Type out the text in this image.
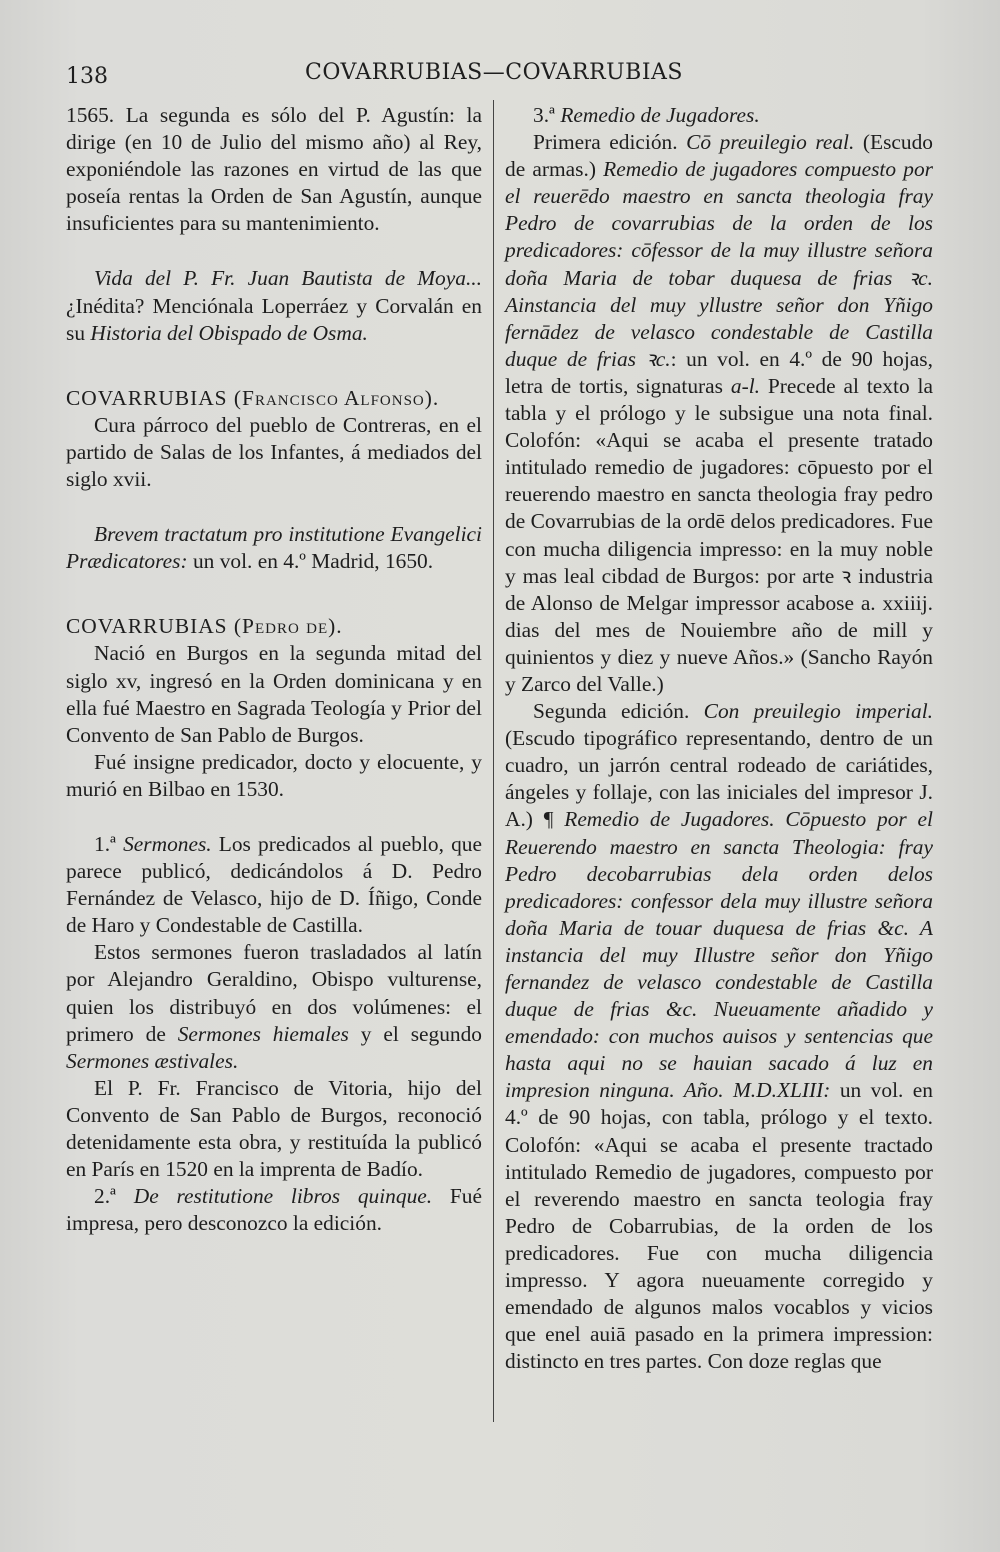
138	COVARRUBIAS—COVARRUBIAS

1565. La segunda es sólo del P. Agustín: la dirige (en 10 de Julio del mismo año) al Rey, exponiéndole las razones en virtud de las que poseía rentas la Orden de San Agustín, aunque insuficientes para su mantenimiento.

Vida del P. Fr. Juan Bautista de Moya... ¿Inédita? Menciónala Loperráez y Corvalán en su Historia del Obispado de Osma.

COVARRUBIAS (Francisco Alfonso).

Cura párroco del pueblo de Contreras, en el partido de Salas de los Infantes, á mediados del siglo xvii.

Brevem tractatum pro institutione Evangelici Prædicatores: un vol. en 4.º Madrid, 1650.

COVARRUBIAS (Pedro de).

Nació en Burgos en la segunda mitad del siglo xv, ingresó en la Orden dominicana y en ella fué Maestro en Sagrada Teología y Prior del Convento de San Pablo de Burgos.

Fué insigne predicador, docto y elocuente, y murió en Bilbao en 1530.

1.ª Sermones. Los predicados al pueblo, que parece publicó, dedicándolos á D. Pedro Fernández de Velasco, hijo de D. Íñigo, Conde de Haro y Condestable de Castilla.

Estos sermones fueron trasladados al latín por Alejandro Geraldino, Obispo vulturense, quien los distribuyó en dos volúmenes: el primero de Sermones hiemales y el segundo Sermones æstivales.

El P. Fr. Francisco de Vitoria, hijo del Convento de San Pablo de Burgos, reconoció detenidamente esta obra, y restituída la publicó en París en 1520 en la imprenta de Badío.

2.ª De restitutione libros quinque. Fué impresa, pero desconozco la edición.

3.ª Remedio de Jugadores.

Primera edición. Cō preuilegio real. (Escudo de armas.) Remedio de jugadores compuesto por el reuerēdo maestro en sancta theologia fray Pedro de covarrubias de la orden de los predicadores: cōfessor de la muy illustre señora doña Maria de tobar duquesa de frias ꝛc. Ainstancia del muy yllustre señor don Yñigo fernādez de velasco condestable de Castilla duque de frias ꝛc.: un vol. en 4.º de 90 hojas, letra de tortis, signaturas a-l. Precede al texto la tabla y el prólogo y le subsigue una nota final. Colofón: «Aqui se acaba el presente tratado intitulado remedio de jugadores: cōpuesto por el reuerendo maestro en sancta theologia fray pedro de Covarrubias de la ordē delos predicadores. Fue con mucha diligencia impresso: en la muy noble y mas leal cibdad de Burgos: por arte ꝛ industria de Alonso de Melgar impressor acabose a. xxiiij. dias del mes de Nouiembre año de mill y quinientos y diez y nueve Años.» (Sancho Rayón y Zarco del Valle.)

Segunda edición. Con preuilegio imperial. (Escudo tipográfico representando, dentro de un cuadro, un jarrón central rodeado de cariátides, ángeles y follaje, con las iniciales del impresor J. A.) ¶ Remedio de Jugadores. Cōpuesto por el Reuerendo maestro en sancta Theologia: fray Pedro decobarrubias dela orden delos predicadores: confessor dela muy illustre señora doña Maria de touar duquesa de frias &c. A instancia del muy Illustre señor don Yñigo fernandez de velasco condestable de Castilla duque de frias &c. Nueuamente añadido y emendado: con muchos auisos y sentencias que hasta aqui no se hauian sacado á luz en impresion ninguna. Año. M.D.XLIII: un vol. en 4.º de 90 hojas, con tabla, prólogo y el texto. Colofón: «Aqui se acaba el presente tractado intitulado Remedio de jugadores, compuesto por el reverendo maestro en sancta teologia fray Pedro de Cobarrubias, de la orden de los predicadores. Fue con mucha diligencia impresso. Y agora nueuamente corregido y emendado de algunos malos vocablos y vicios que enel auiā pasado en la primera impression: distincto en tres partes. Con doze reglas que
